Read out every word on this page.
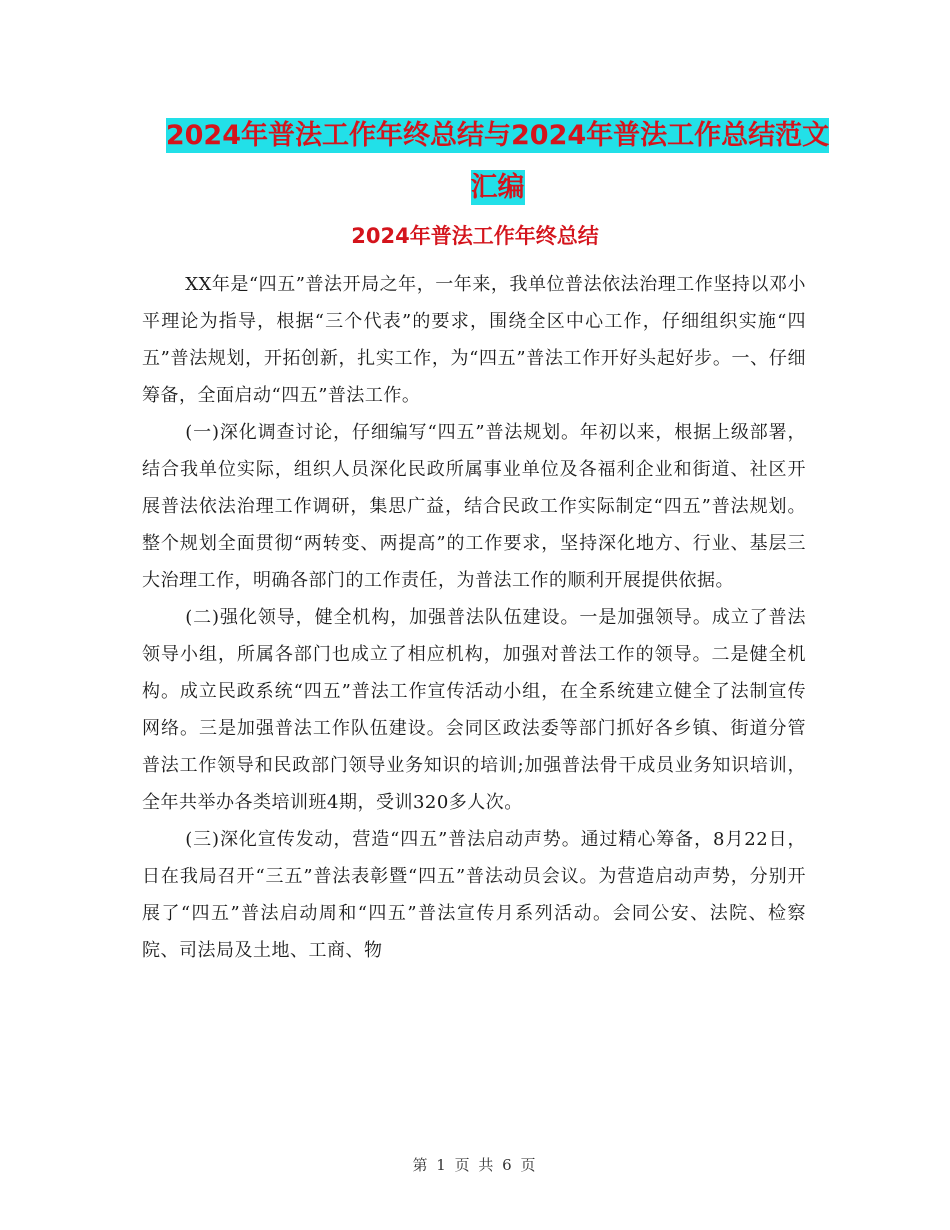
2024年普法工作年终总结与2024年普法工作总结范文
汇编
2024年普法工作年终总结

XX年是“四五”普法开局之年，一年来，我单位普法依法治理工作坚持以邓小平理论为指导，根据“三个代表”的要求，围绕全区中心工作，仔细组织实施“四五”普法规划，开拓创新，扎实工作，为“四五”普法工作开好头起好步。一、仔细筹备，全面启动“四五”普法工作。

(一)深化调查讨论，仔细编写“四五”普法规划。年初以来，根据上级部署，结合我单位实际，组织人员深化民政所属事业单位及各福利企业和街道、社区开展普法依法治理工作调研，集思广益，结合民政工作实际制定“四五”普法规划。整个规划全面贯彻“两转变、两提高”的工作要求，坚持深化地方、行业、基层三大治理工作，明确各部门的工作责任，为普法工作的顺利开展提供依据。

(二)强化领导，健全机构，加强普法队伍建设。一是加强领导。成立了普法领导小组，所属各部门也成立了相应机构，加强对普法工作的领导。二是健全机构。成立民政系统“四五”普法工作宣传活动小组，在全系统建立健全了法制宣传网络。三是加强普法工作队伍建设。会同区政法委等部门抓好各乡镇、街道分管普法工作领导和民政部门领导业务知识的培训;加强普法骨干成员业务知识培训，全年共举办各类培训班4期，受训320多人次。

(三)深化宣传发动，营造“四五”普法启动声势。通过精心筹备，8月22日，日在我局召开“三五”普法表彰暨“四五”普法动员会议。为营造启动声势，分别开展了“四五”普法启动周和“四五”普法宣传月系列活动。会同公安、法院、检察院、司法局及土地、工商、物

第 1 页 共 6 页
